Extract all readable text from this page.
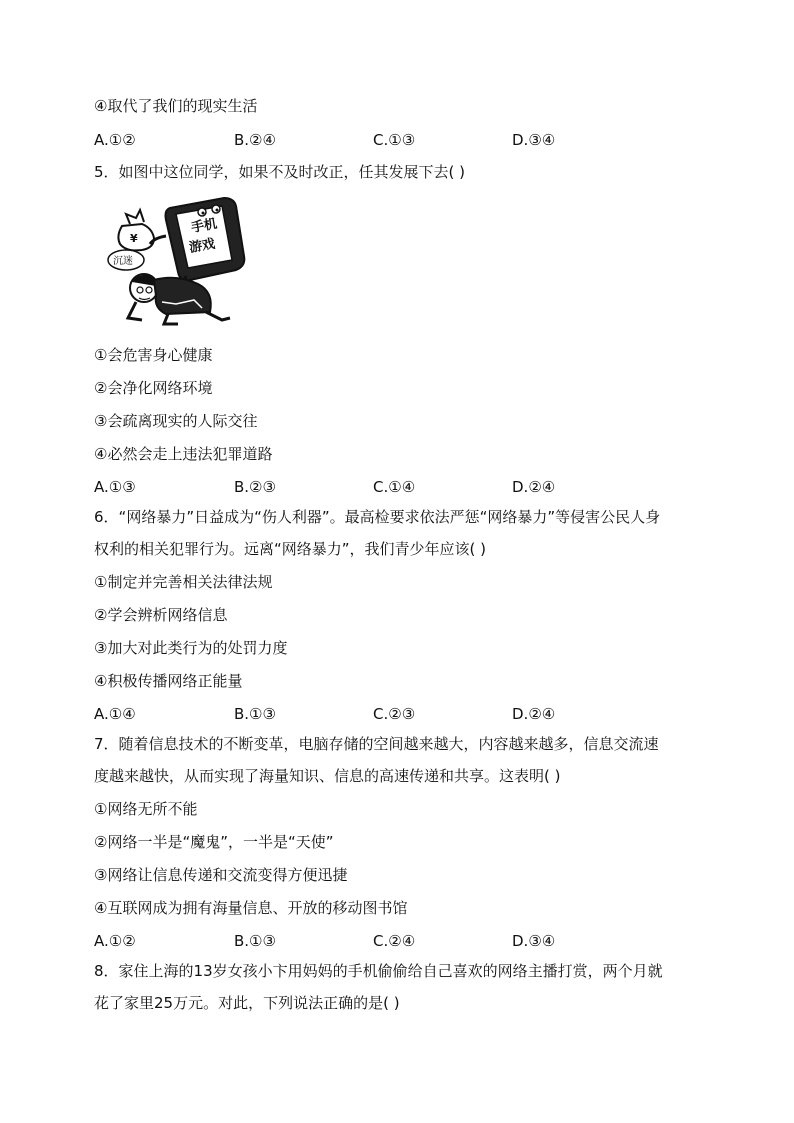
④取代了我们的现实生活
A.①②	B.②④	C.①③	D.③④
5．如图中这位同学，如果不及时改正，任其发展下去( )
¥
手机
游戏
沉迷
①会危害身心健康
②会净化网络环境
③会疏离现实的人际交往
④必然会走上违法犯罪道路
A.①③	B.②③	C.①④	D.②④
6．“网络暴力”日益成为“伤人利器”。最高检要求依法严惩“网络暴力”等侵害公民人身
权利的相关犯罪行为。远离“网络暴力”，我们青少年应该( )
①制定并完善相关法律法规
②学会辨析网络信息
③加大对此类行为的处罚力度
④积极传播网络正能量
A.①④	B.①③	C.②③	D.②④
7．随着信息技术的不断变革，电脑存储的空间越来越大，内容越来越多，信息交流速
度越来越快，从而实现了海量知识、信息的高速传递和共享。这表明( )
①网络无所不能
②网络一半是“魔鬼”，一半是“天使”
③网络让信息传递和交流变得方便迅捷
④互联网成为拥有海量信息、开放的移动图书馆
A.①②	B.①③	C.②④	D.③④
8．家住上海的13岁女孩小卞用妈妈的手机偷偷给自己喜欢的网络主播打赏，两个月就
花了家里25万元。对此，下列说法正确的是( )
